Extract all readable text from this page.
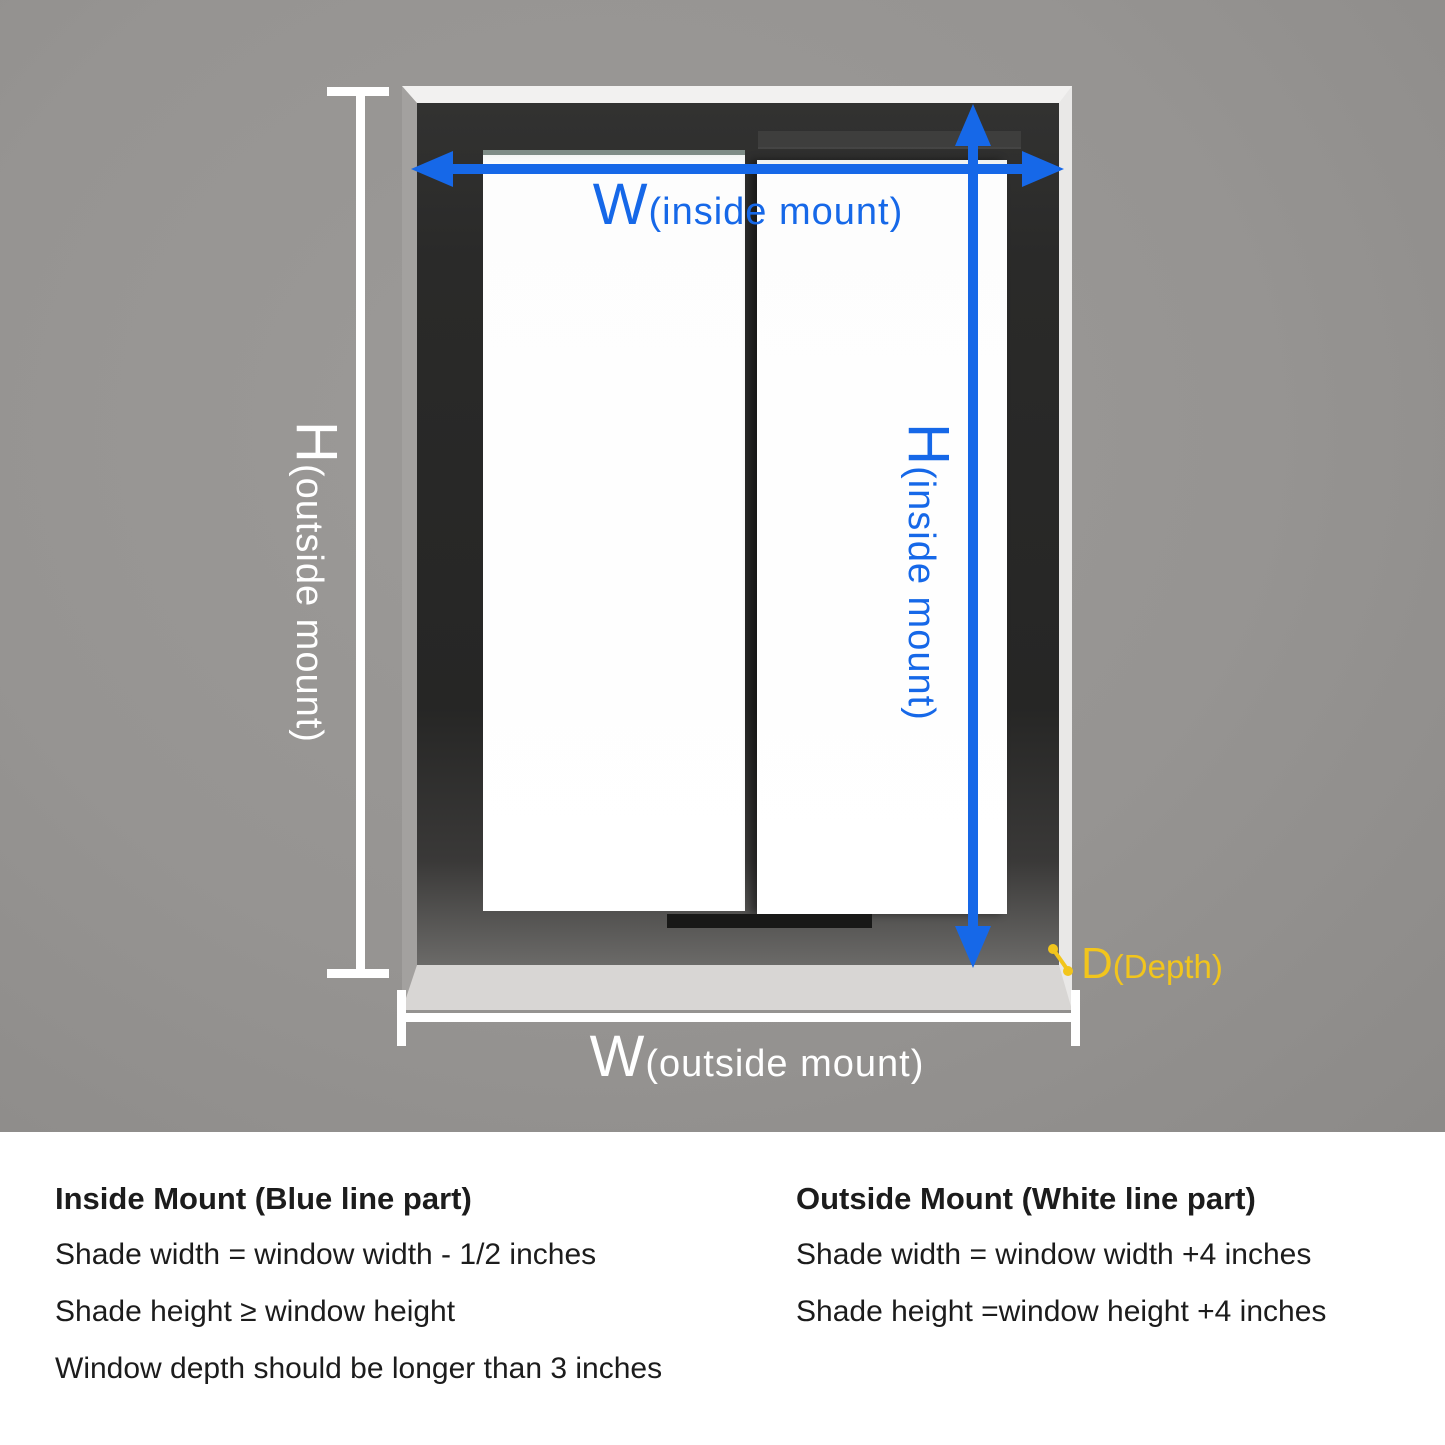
H(outside mount)
W(outside mount)
W(inside mount)
H(inside mount)
D(Depth)

Inside Mount (Blue line part)

Shade width = window width - 1/2 inches

Shade height ≥ window height

Window depth should be longer than 3 inches

Outside Mount (White line part)

Shade width = window width +4 inches

Shade height =window height +4 inches
